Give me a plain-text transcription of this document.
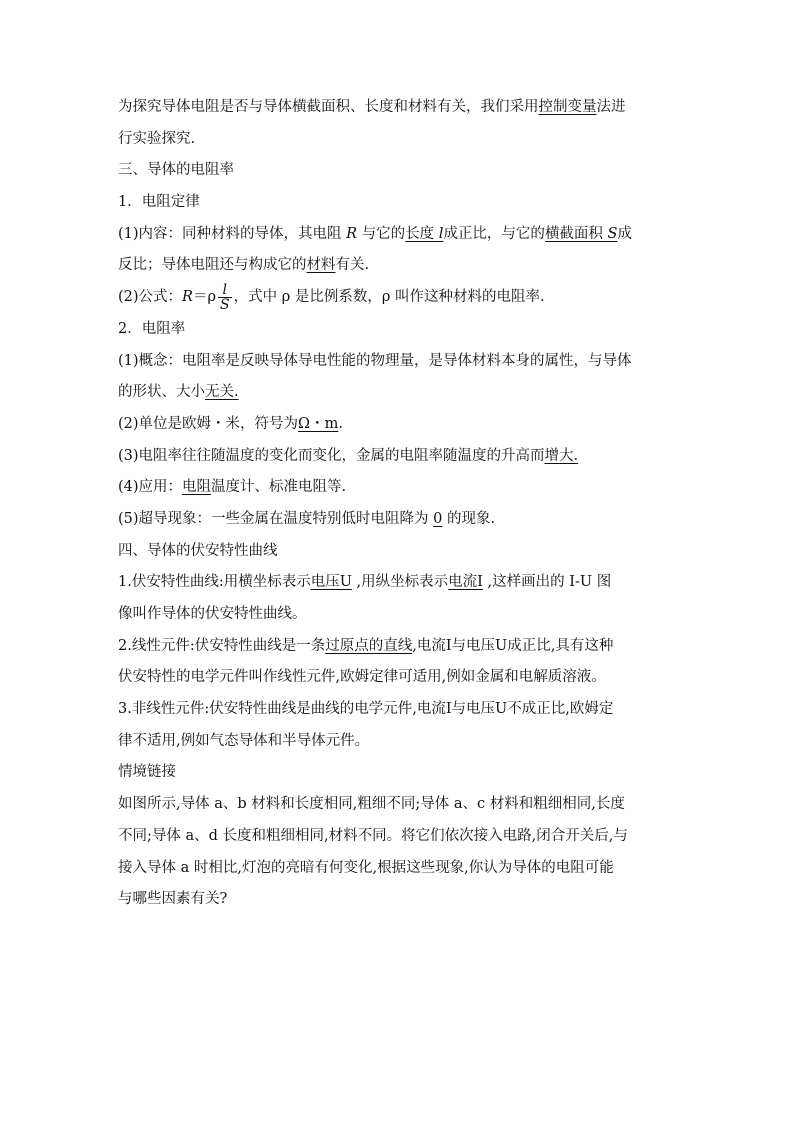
为探究导体电阻是否与导体横截面积、长度和材料有关，我们采用控制变量法进
行实验探究.
三、导体的电阻率
1．电阻定律
(1)内容：同种材料的导体，其电阻 R 与它的长度 l成正比，与它的横截面积 S成
反比；导体电阻还与构成它的材料有关.
(2)公式：$R=\rho \frac{l}{S}$ ，式中 ρ 是比例系数，ρ 叫作这种材料的电阻率.
2．电阻率
(1)概念：电阻率是反映导体导电性能的物理量，是导体材料本身的属性，与导体
的形状、大小无关.
(2)单位是欧姆・米，符号为Ω・m.
(3)电阻率往往随温度的变化而变化，金属的电阻率随温度的升高而增大.
(4)应用：电阻温度计、标准电阻等.
(5)超导现象：一些金属在温度特别低时电阻降为 0 的现象.
四、导体的伏安特性曲线
1.伏安特性曲线:用横坐标表示电压U ,用纵坐标表示电流I ,这样画出的 I-U 图
像叫作导体的伏安特性曲线。
2.线性元件:伏安特性曲线是一条过原点的直线,电流I与电压U成正比,具有这种
伏安特性的电学元件叫作线性元件,欧姆定律可适用,例如金属和电解质溶液。
3.非线性元件:伏安特性曲线是曲线的电学元件,电流I与电压U不成正比,欧姆定
律不适用,例如气态导体和半导体元件。
情境链接
如图所示,导体 a、b 材料和长度相同,粗细不同;导体 a、c 材料和粗细相同,长度
不同;导体 a、d 长度和粗细相同,材料不同。将它们依次接入电路,闭合开关后,与
接入导体 a 时相比,灯泡的亮暗有何变化,根据这些现象,你认为导体的电阻可能
与哪些因素有关?
